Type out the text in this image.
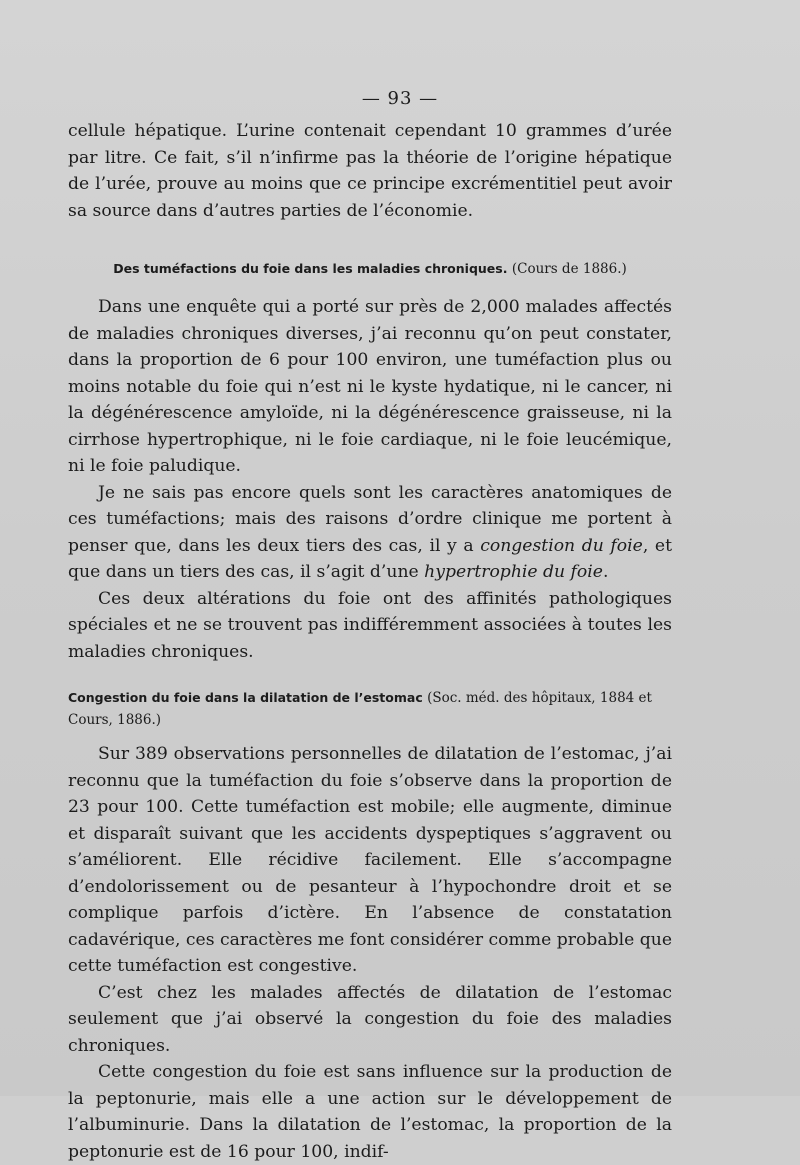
— 93 —

cellule hépatique. L’urine contenait cependant 10 grammes d’urée par litre. Ce fait, s’il n’infirme pas la théorie de l’origine hépatique de l’urée, prouve au moins que ce principe excrémentitiel peut avoir sa source dans d’autres parties de l’économie.

Des tuméfactions du foie dans les maladies chroniques. (Cours de 1886.)

Dans une enquête qui a porté sur près de 2,000 malades affectés de maladies chroniques diverses, j’ai reconnu qu’on peut constater, dans la proportion de 6 pour 100 environ, une tuméfaction plus ou moins notable du foie qui n’est ni le kyste hydatique, ni le cancer, ni la dégénérescence amyloïde, ni la dégénérescence graisseuse, ni la cirrhose hypertrophique, ni le foie cardiaque, ni le foie leucémique, ni le foie paludique.

Je ne sais pas encore quels sont les caractères anatomiques de ces tuméfactions; mais des raisons d’ordre clinique me portent à penser que, dans les deux tiers des cas, il y a congestion du foie, et que dans un tiers des cas, il s’agit d’une hypertrophie du foie.

Ces deux altérations du foie ont des affinités pathologiques spéciales et ne se trouvent pas indifféremment associées à toutes les maladies chroniques.

Congestion du foie dans la dilatation de l’estomac (Soc. méd. des hôpitaux, 1884 et Cours, 1886.)

Sur 389 observations personnelles de dilatation de l’estomac, j’ai reconnu que la tuméfaction du foie s’observe dans la proportion de 23 pour 100. Cette tuméfaction est mobile; elle augmente, diminue et disparaît suivant que les accidents dyspeptiques s’aggravent ou s’améliorent. Elle récidive facilement. Elle s’accompagne d’endolorissement ou de pesanteur à l’hypochondre droit et se complique parfois d’ictère. En l’absence de constatation cadavérique, ces caractères me font considérer comme probable que cette tuméfaction est congestive.

C’est chez les malades affectés de dilatation de l’estomac seulement que j’ai observé la congestion du foie des maladies chroniques.

Cette congestion du foie est sans influence sur la production de la peptonurie, mais elle a une action sur le développement de l’albuminurie. Dans la dilatation de l’estomac, la proportion de la peptonurie est de 16 pour 100, indif-
